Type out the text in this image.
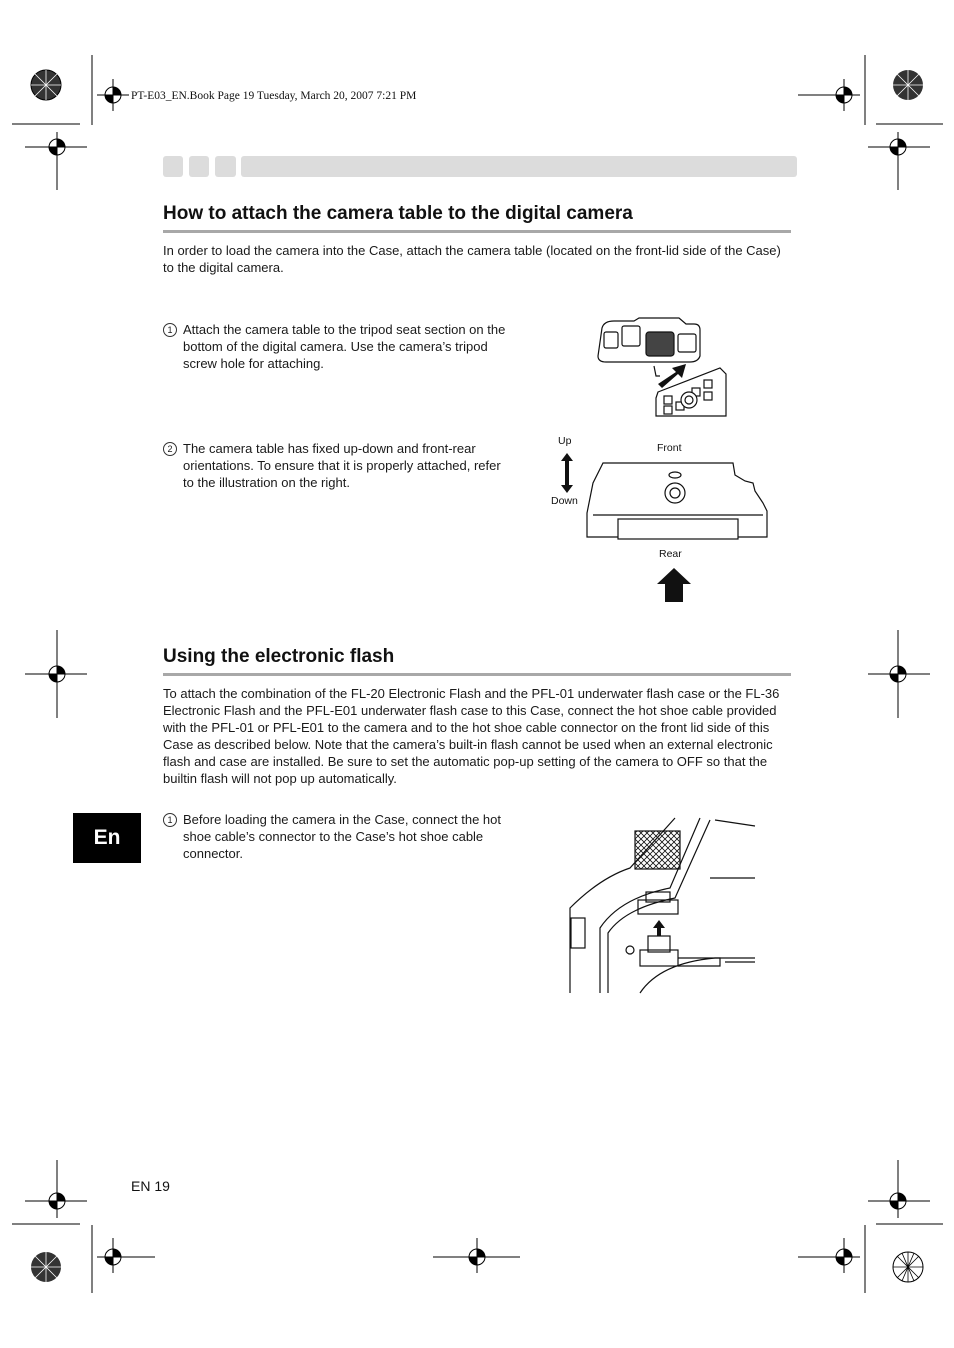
PT-E03_EN.Book Page 19 Tuesday, March 20, 2007 7:21 PM
How to attach the camera table to the digital camera
In order to load the camera into the Case, attach the camera table (located on the front-lid side of the Case) to the digital camera.
1 Attach the camera table to the tripod seat section on the bottom of the digital camera. Use the camera’s tripod screw hole for attaching.
2 The camera table has fixed up-down and front-rear orientations. To ensure that it is properly attached, refer to the illustration on the right.
Up
Down
Front
Rear
Using the electronic flash
To attach the combination of the FL-20 Electronic Flash and the PFL-01 underwater flash case or the FL-36 Electronic Flash and the PFL-E01 underwater flash case to this Case, connect the hot shoe cable provided with the PFL-01 or PFL-E01 to the camera and to the hot shoe cable connector on the front lid side of this Case as described below. Note that the camera’s built-in flash cannot be used when an external electronic flash and case are installed. Be sure to set the automatic pop-up setting of the camera to OFF so that the builtin flash will not pop up automatically.
1 Before loading the camera in the Case, connect the hot shoe cable’s connector to the Case’s hot shoe cable connector.
En
EN 19
